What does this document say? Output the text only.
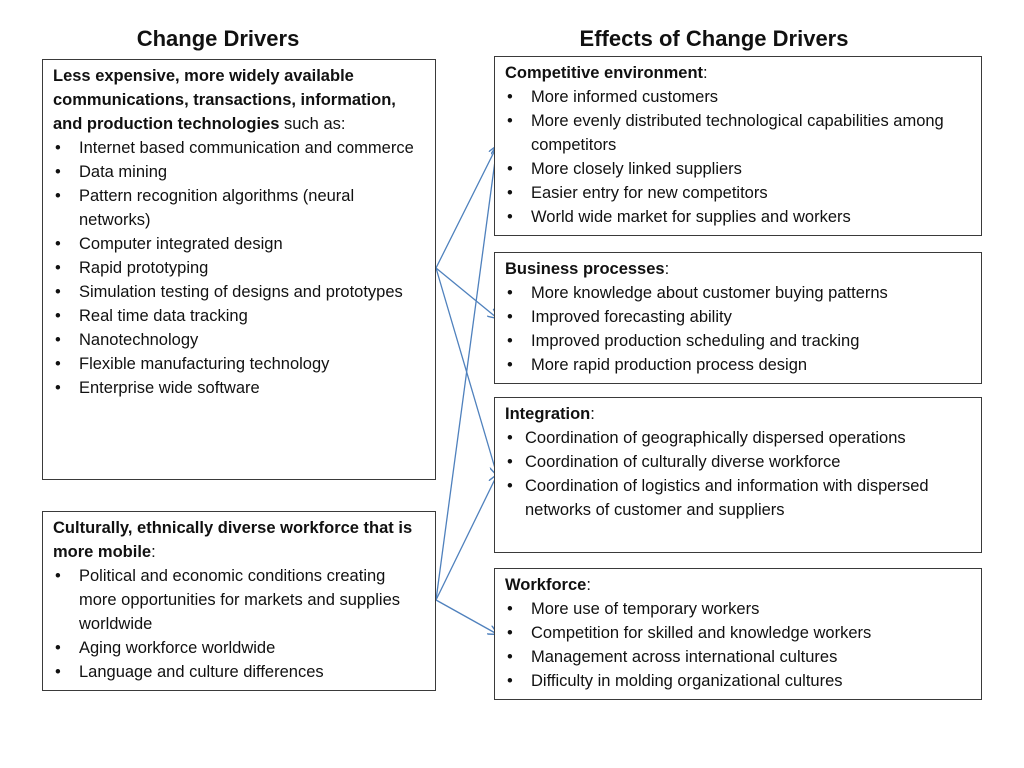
Change Drivers	Effects of Change Drivers

Less expensive, more widely available communications, transactions, information, and production technologies such as:

• Internet based communication and commerce
• Data mining
• Pattern recognition algorithms (neural networks)
• Computer integrated design
• Rapid prototyping
• Simulation testing of designs and prototypes
• Real time data tracking
• Nanotechnology
• Flexible manufacturing technology
• Enterprise wide software

Culturally, ethnically diverse workforce that is more mobile:

• Political and economic conditions creating more opportunities for markets and supplies worldwide
• Aging workforce worldwide
• Language and culture differences

Competitive environment:

• More informed customers
• More evenly distributed technological capabilities among competitors
• More closely linked suppliers
• Easier entry for new competitors
• World wide market for supplies and workers

Business processes:

• More knowledge about customer buying patterns
• Improved forecasting ability
• Improved production scheduling and tracking
• More rapid production process design

Integration:

• Coordination of geographically dispersed operations
• Coordination of culturally diverse workforce
• Coordination of logistics and information with dispersed networks of customer and suppliers

Workforce:

• More use of temporary workers
• Competition for skilled and knowledge workers
• Management across international cultures
• Difficulty in molding organizational cultures
